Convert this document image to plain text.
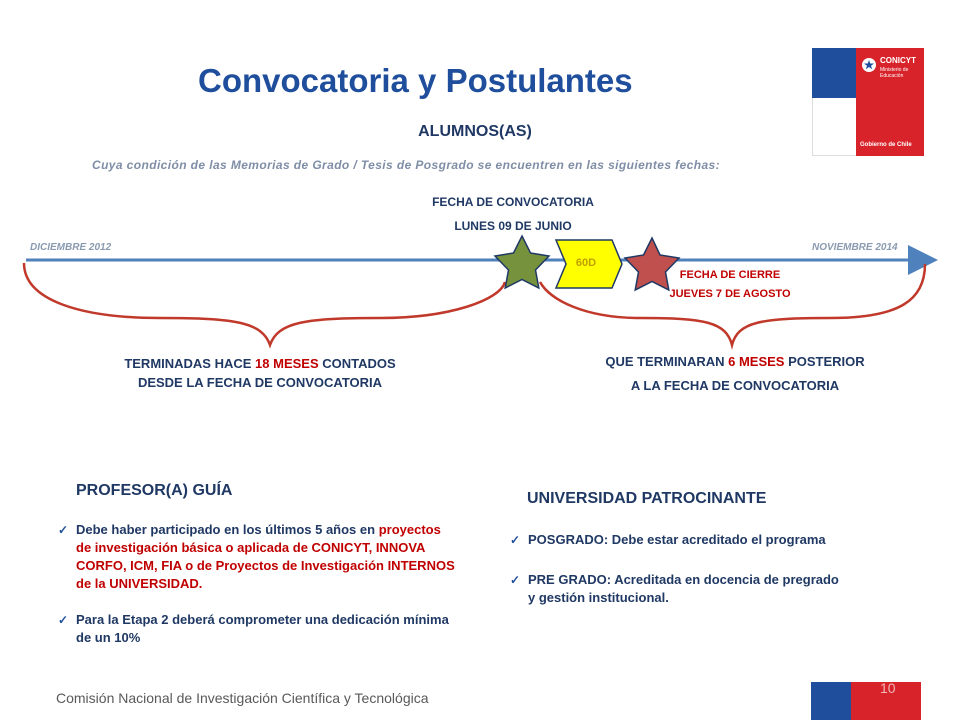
Convocatoria y Postulantes
CONICYT
Ministerio de Educación
Gobierno de Chile
ALUMNOS(AS)
Cuya condición de las Memorias de Grado / Tesis de Posgrado se encuentren en las siguientes fechas:
FECHA DE CONVOCATORIA
LUNES 09 DE JUNIO
DICIEMBRE 2012	NOVIEMBRE 2014
60D
FECHA DE CIERRE
JUEVES 7 DE AGOSTO
TERMINADAS HACE 18 MESES CONTADOS
DESDE LA FECHA DE CONVOCATORIA
QUE TERMINARAN 6 MESES POSTERIOR
A LA FECHA DE CONVOCATORIA
PROFESOR(A) GUÍA
✓ Debe haber participado en los últimos 5 años en proyectos de investigación básica o aplicada de CONICYT, INNOVA CORFO, ICM, FIA o de Proyectos de Investigación INTERNOS de la UNIVERSIDAD.
✓ Para la Etapa 2 deberá comprometer una dedicación mínima de un 10%
UNIVERSIDAD PATROCINANTE
✓ POSGRADO: Debe estar acreditado el programa
✓ PRE GRADO: Acreditada en docencia de pregrado y gestión institucional.
Comisión Nacional de Investigación Científica y Tecnológica
10
